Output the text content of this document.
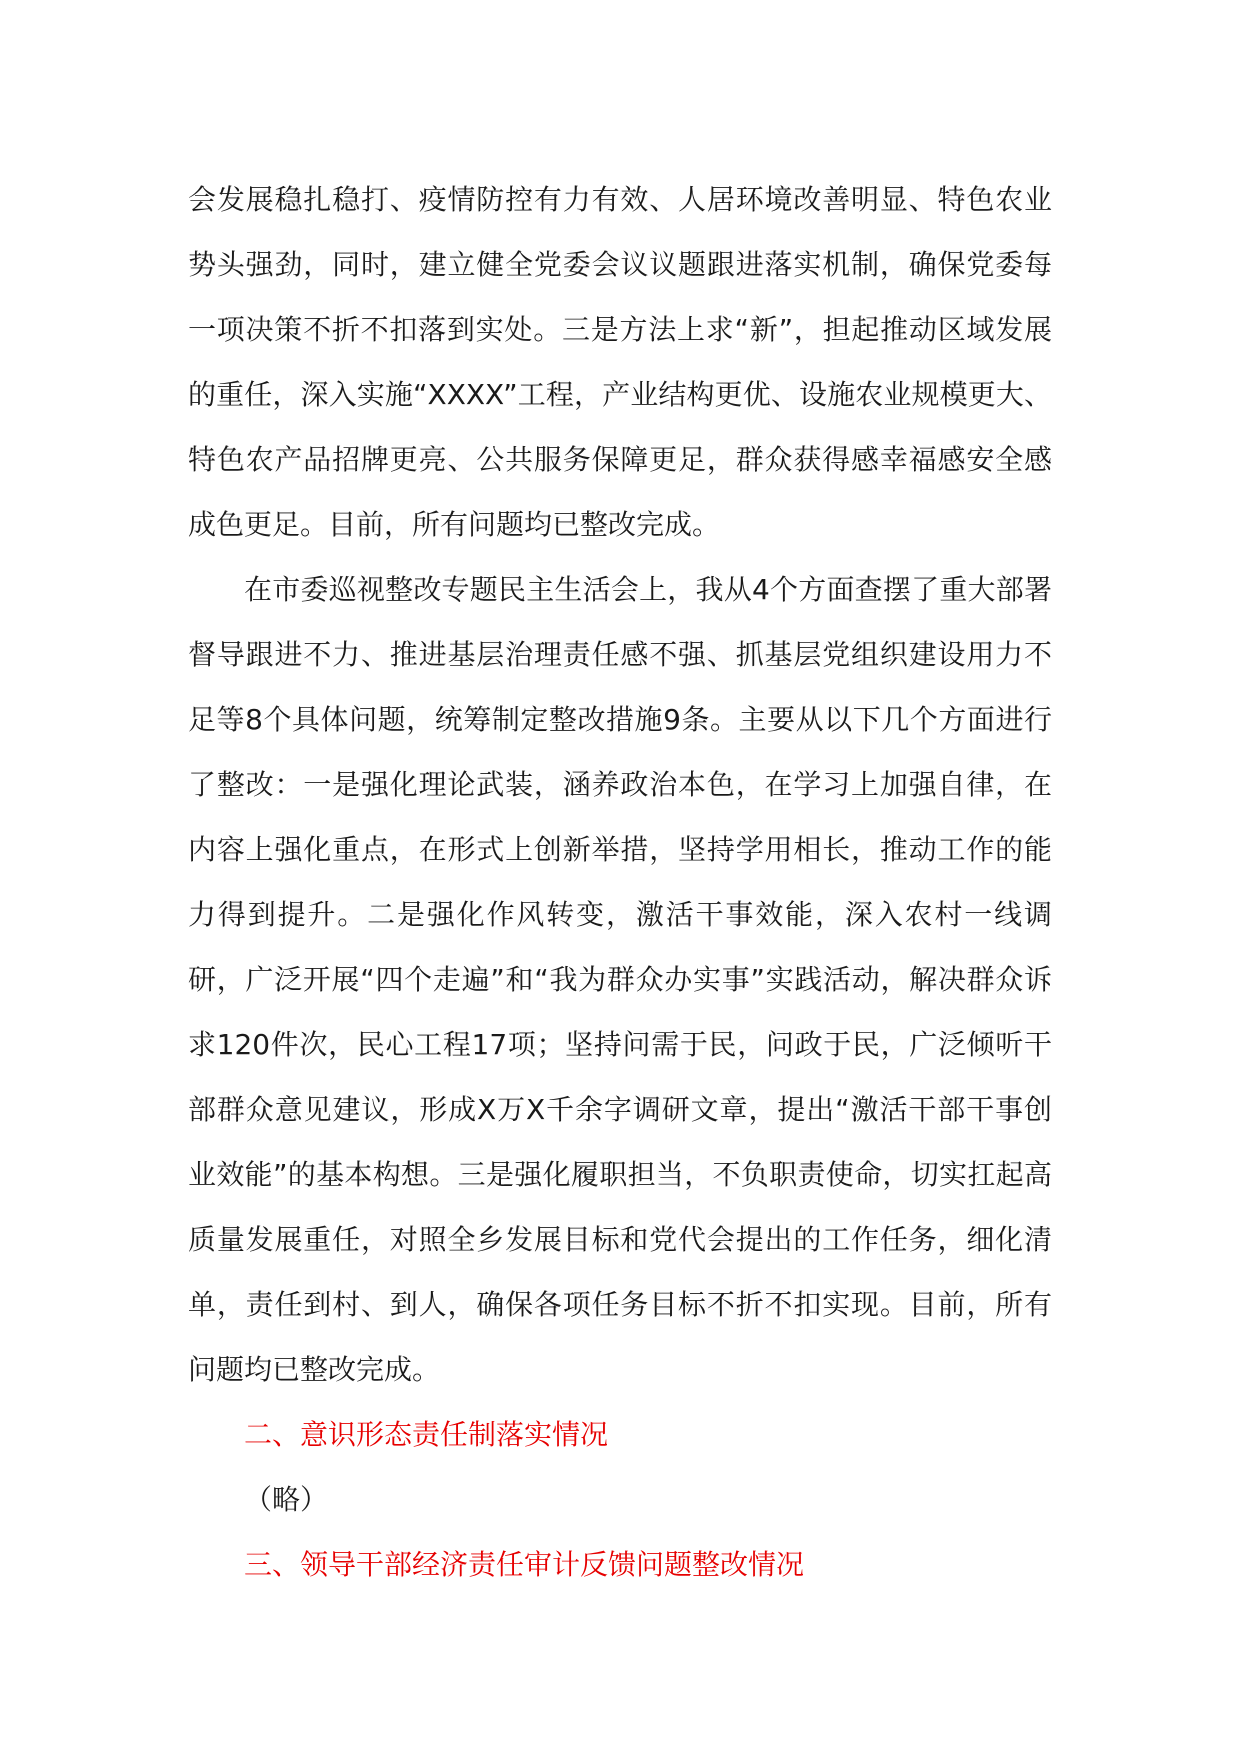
会发展稳扎稳打、疫情防控有力有效、人居环境改善明显、特色农业势头强劲，同时，建立健全党委会议议题跟进落实机制，确保党委每一项决策不折不扣落到实处。三是方法上求“新”，担起推动区域发展的重任，深入实施“XXXX”工程，产业结构更优、设施农业规模更大、特色农产品招牌更亮、公共服务保障更足，群众获得感幸福感安全感成色更足。目前，所有问题均已整改完成。

在市委巡视整改专题民主生活会上，我从4个方面查摆了重大部署督导跟进不力、推进基层治理责任感不强、抓基层党组织建设用力不足等8个具体问题，统筹制定整改措施9条。主要从以下几个方面进行了整改：一是强化理论武装，涵养政治本色，在学习上加强自律，在内容上强化重点，在形式上创新举措，坚持学用相长，推动工作的能力得到提升。二是强化作风转变，激活干事效能，深入农村一线调研，广泛开展“四个走遍”和“我为群众办实事”实践活动，解决群众诉求120件次，民心工程17项；坚持问需于民，问政于民，广泛倾听干部群众意见建议，形成X万X千余字调研文章，提出“激活干部干事创业效能”的基本构想。三是强化履职担当，不负职责使命，切实扛起高质量发展重任，对照全乡发展目标和党代会提出的工作任务，细化清单，责任到村、到人，确保各项任务目标不折不扣实现。目前，所有问题均已整改完成。

二、意识形态责任制落实情况

（略）

三、领导干部经济责任审计反馈问题整改情况
